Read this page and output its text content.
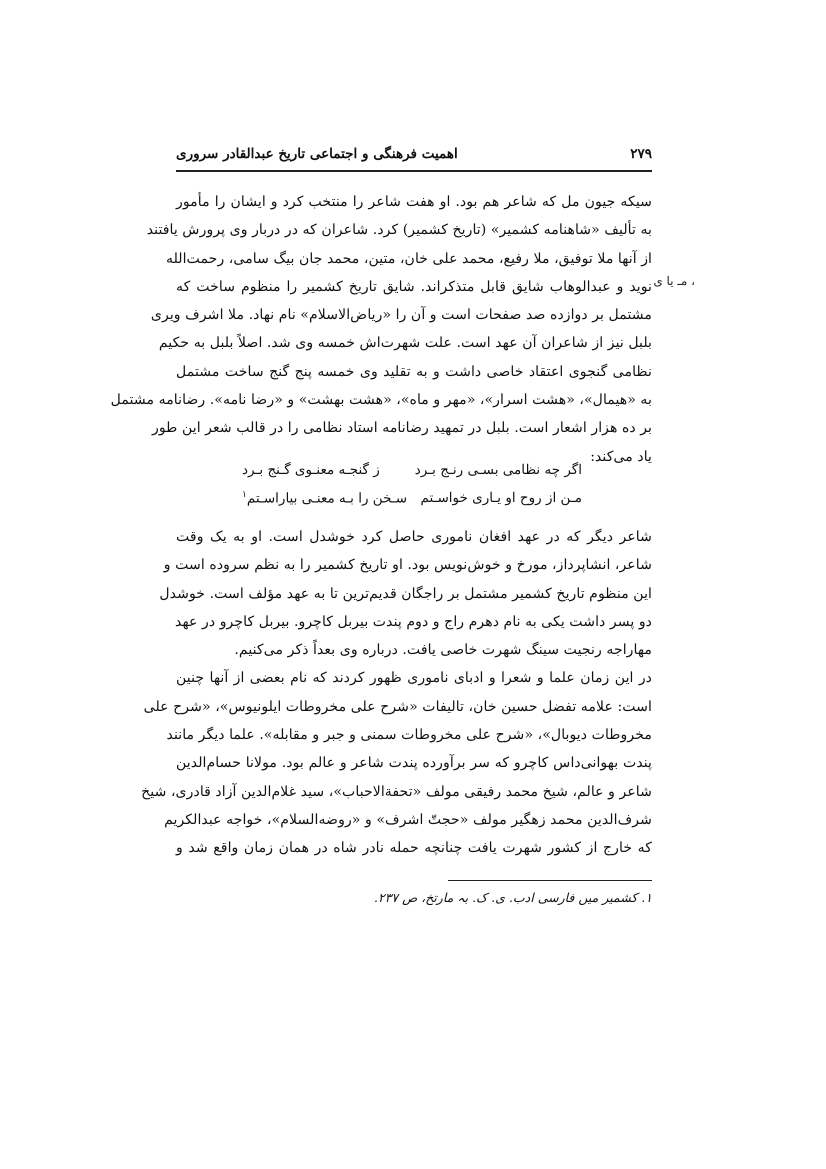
۲۷۹
اهمیت فرهنگی و اجتماعی تاریخ عبدالقادر سروری
، مـ یا ی
سیکه جیون مل که شاعر هم بود. او هفت شاعر را منتخب کرد و ایشان را مأمور
به تألیف «شاهنامه کشمیر» (تاریخ کشمیر) کرد. شاعران که در دربار وی پرورش یافتند
از آنها ملا توفیق، ملا رفیع، محمد علی خان، متین، محمد جان بیگ سامی، رحمت‌الله
نوید و عبدالوهاب شایق قابل متذکراند. شایق تاریخ کشمیر را منظوم ساخت که
مشتمل بر دوازده صد صفحات است و آن را «ریاض‌الاسلام» نام نهاد. ملا اشرف ویری
بلبل نیز از شاعران آن عهد است. علت شهرت‌اش خمسه وی شد. اصلاً بلبل به حکیم
نظامی گنجوی اعتقاد خاصی داشت و به تقلید وی خمسه پنج گنج ساخت مشتمل
به «هیمال»، «هشت اسرار»، «مهر و ماه»، «هشت بهشت» و «رضا نامه». رضانامه مشتمل
بر ده هزار اشعار است. بلبل در تمهید رضانامه استاد نظامی را در قالب شعر این طور
یاد می‌کند:
اگر چه نظامی بسـی رنـج بـرد
ز گنجـه معنـوی گـنج بـرد
مـن از روح او یـاری خواسـتم
سـخن را بـه معنـی بیاراسـتم$^۱$
شاعر دیگر که در عهد افغان ناموری حاصل کرد خوشدل است. او به یک وقت
شاعر، انشاپرداز، مورخ و خوش‌نویس بود. او تاریخ کشمیر را به نظم سروده است و
این منظوم تاریخ کشمیر مشتمل بر راجگان قدیم‌ترین تا به عهد مؤلف است. خوشدل
دو پسر داشت یکی به نام دهرم راج و دوم پندت بیربل کاچرو. بیربل کاچرو در عهد
مهاراجه رنجیت سینگ شهرت خاصی یافت. درباره وی بعداً ذکر می‌کنیم.
در این زمان علما و شعرا و ادبای ناموری ظهور کردند که نام بعضی از آنها چنین
است: علامه تفضل حسین خان، تالیفات «شرح علی مخروطات ایلونیوس»، «شرح علی
مخروطات دیوبال»، «شرح علی مخروطات سمنی و جبر و مقابله». علما دیگر مانند
پندت بهوانی‌داس کاچرو که سر برآورده پندت شاعر و عالم بود. مولانا حسام‌الدین
شاعر و عالم، شیخ محمد رفیقی مولف «تحفةالاحباب»، سید غلام‌الدین آزاد قادری، شیخ
شرف‌الدین محمد زهگیر مولف «حجتّ اشرف» و «روضه‌السلام»، خواجه عبدالکریم
که خارج از کشور شهرت یافت چنانچه حمله نادر شاه در همان زمان واقع شد و
۱. کشمیر میں فارسی ادب. ی. ک. بہ مارتخ، ص ۲۳۷.
